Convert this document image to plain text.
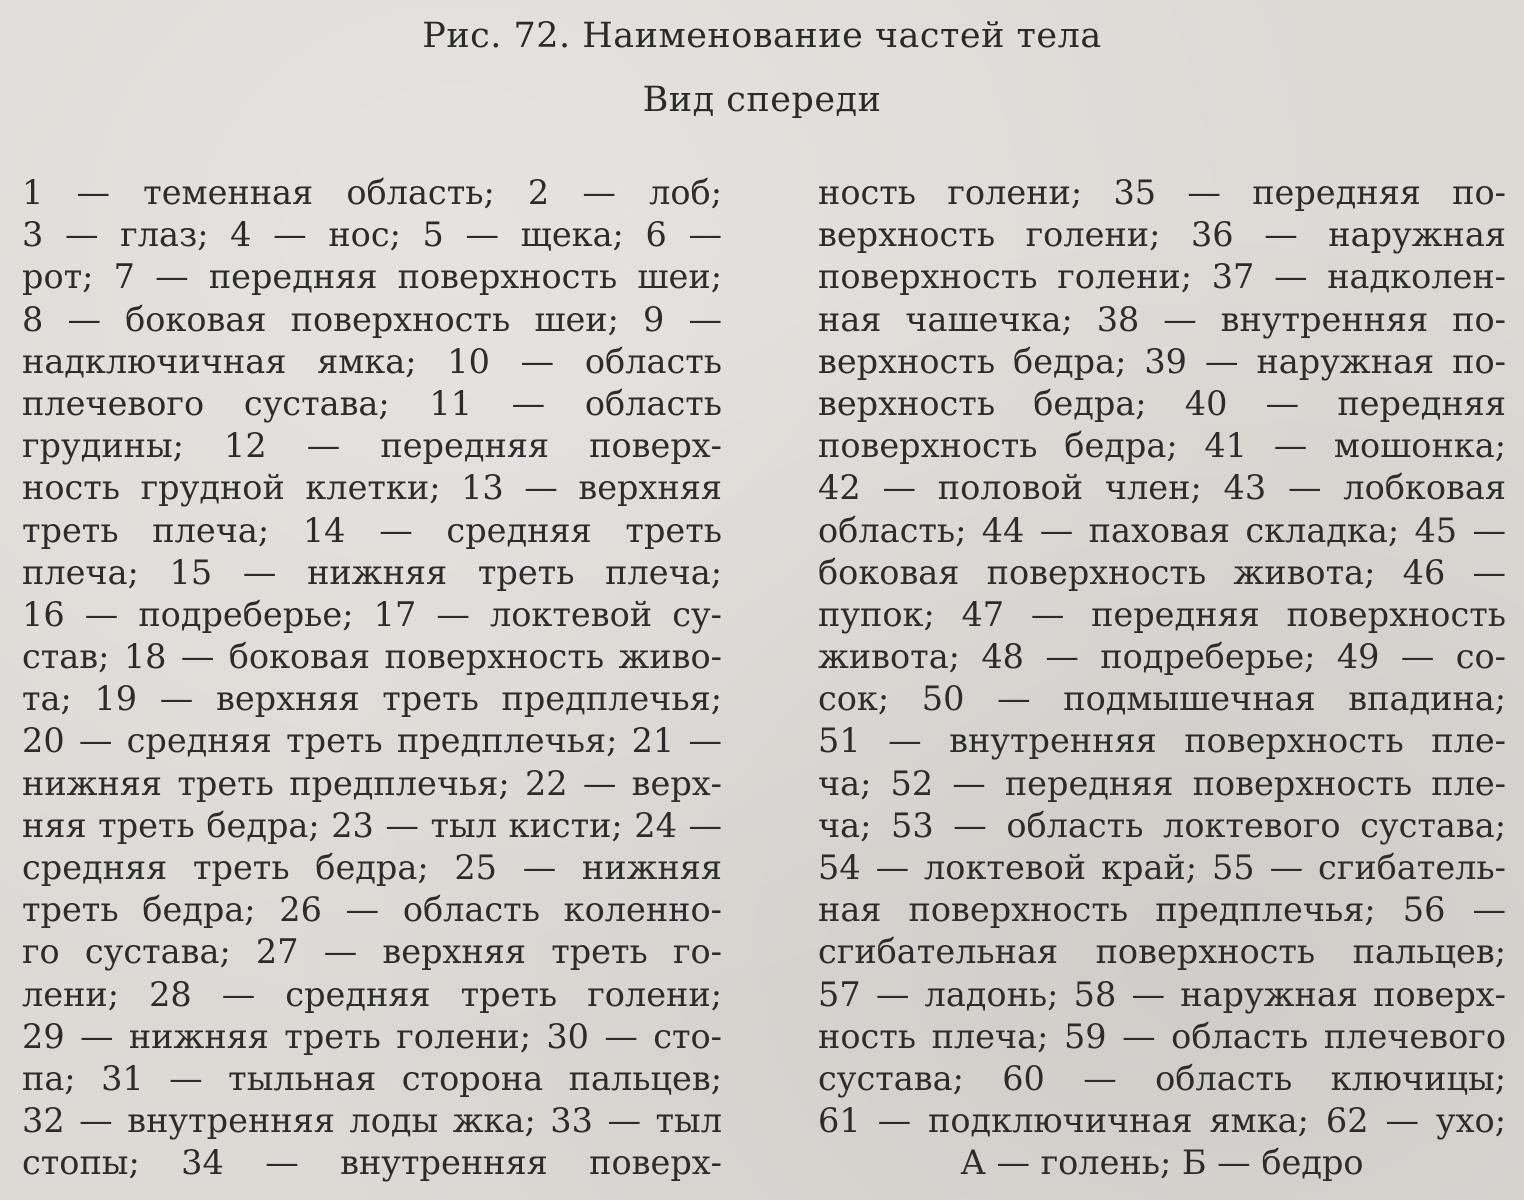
Рис. 72. Наименование частей тела
Вид спереди
1 — теменная область; 2 — лоб;
3 — глаз; 4 — нос; 5 — щека; 6 —
рот; 7 — передняя поверхность шеи;
8 — боковая поверхность шеи; 9 —
надключичная ямка; 10 — область
плечевого сустава; 11 — область
грудины; 12 — передняя поверх-
ность грудной клетки; 13 — верхняя
треть плеча; 14 — средняя треть
плеча; 15 — нижняя треть плеча;
16 — подреберье; 17 — локтевой су-
став; 18 — боковая поверхность живо-
та; 19 — верхняя треть предплечья;
20 — средняя треть предплечья; 21 —
нижняя треть предплечья; 22 — верх-
няя треть бедра; 23 — тыл кисти; 24 —
средняя треть бедра; 25 — нижняя
треть бедра; 26 — область коленно-
го сустава; 27 — верхняя треть го-
лени; 28 — средняя треть голени;
29 — нижняя треть голени; 30 — сто-
па; 31 — тыльная сторона пальцев;
32 — внутренняя лоды жка; 33 — тыл
стопы; 34 — внутренняя поверх-
ность голени; 35 — передняя по-
верхность голени; 36 — наружная
поверхность голени; 37 — надколен-
ная чашечка; 38 — внутренняя по-
верхность бедра; 39 — наружная по-
верхность бедра; 40 — передняя
поверхность бедра; 41 — мошонка;
42 — половой член; 43 — лобковая
область; 44 — паховая складка; 45 —
боковая поверхность живота; 46 —
пупок; 47 — передняя поверхность
живота; 48 — подреберье; 49 — со-
сок; 50 — подмышечная впадина;
51 — внутренняя поверхность пле-
ча; 52 — передняя поверхность пле-
ча; 53 — область локтевого сустава;
54 — локтевой край; 55 — сгибатель-
ная поверхность предплечья; 56 —
сгибательная поверхность пальцев;
57 — ладонь; 58 — наружная поверх-
ность плеча; 59 — область плечевого
сустава; 60 — область ключицы;
61 — подключичная ямка; 62 — ухо;
А — голень; Б — бедро
